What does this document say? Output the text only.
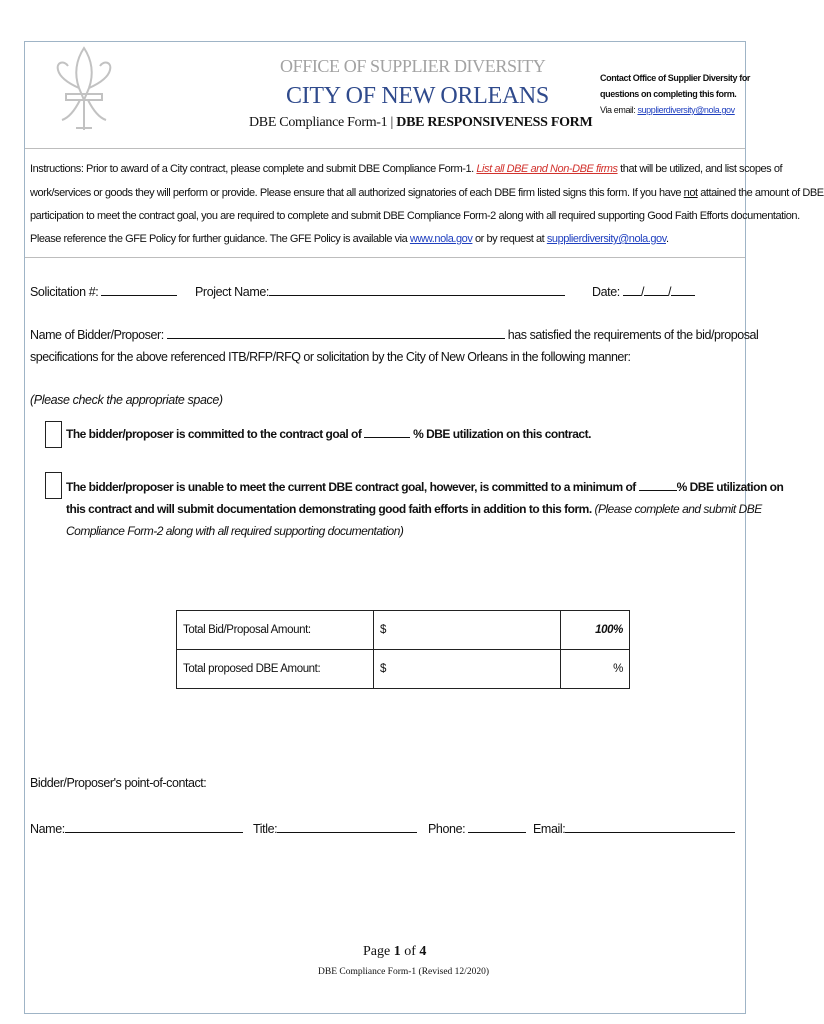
OFFICE OF SUPPLIER DIVERSITY
CITY OF NEW ORLEANS
DBE Compliance Form-1 | DBE RESPONSIVENESS FORM
Contact Office of Supplier Diversity for
questions on completing this form.
Via email: supplierdiversity@nola.gov
Instructions: Prior to award of a City contract, please complete and submit DBE Compliance Form-1. List all DBE and Non-DBE firms that will be utilized, and list scopes of
work/services or goods they will perform or provide. Please ensure that all authorized signatories of each DBE firm listed signs this form. If you have not attained the amount of DBE
participation to meet the contract goal, you are required to complete and submit DBE Compliance Form-2 along with all required supporting Good Faith Efforts documentation.
Please reference the GFE Policy for further guidance. The GFE Policy is available via www.nola.gov or by request at supplierdiversity@nola.gov.
Solicitation #:	Project Name:	Date: / /
Name of Bidder/Proposer:	has satisfied the requirements of the bid/proposal
specifications for the above referenced ITB/RFP/RFQ or solicitation by the City of New Orleans in the following manner:
(Please check the appropriate space)
The bidder/proposer is committed to the contract goal of	% DBE utilization on this contract.
The bidder/proposer is unable to meet the current DBE contract goal, however, is committed to a minimum of	% DBE utilization on
this contract and will submit documentation demonstrating good faith efforts in addition to this form. (Please complete and submit DBE
Compliance Form-2 along with all required supporting documentation)
Total Bid/Proposal Amount:	$	100%
Total proposed DBE Amount:	$	%
Bidder/Proposer's point-of-contact:
Name:	Title:	Phone:	Email:
Page 1 of 4
DBE Compliance Form-1 (Revised 12/2020)
